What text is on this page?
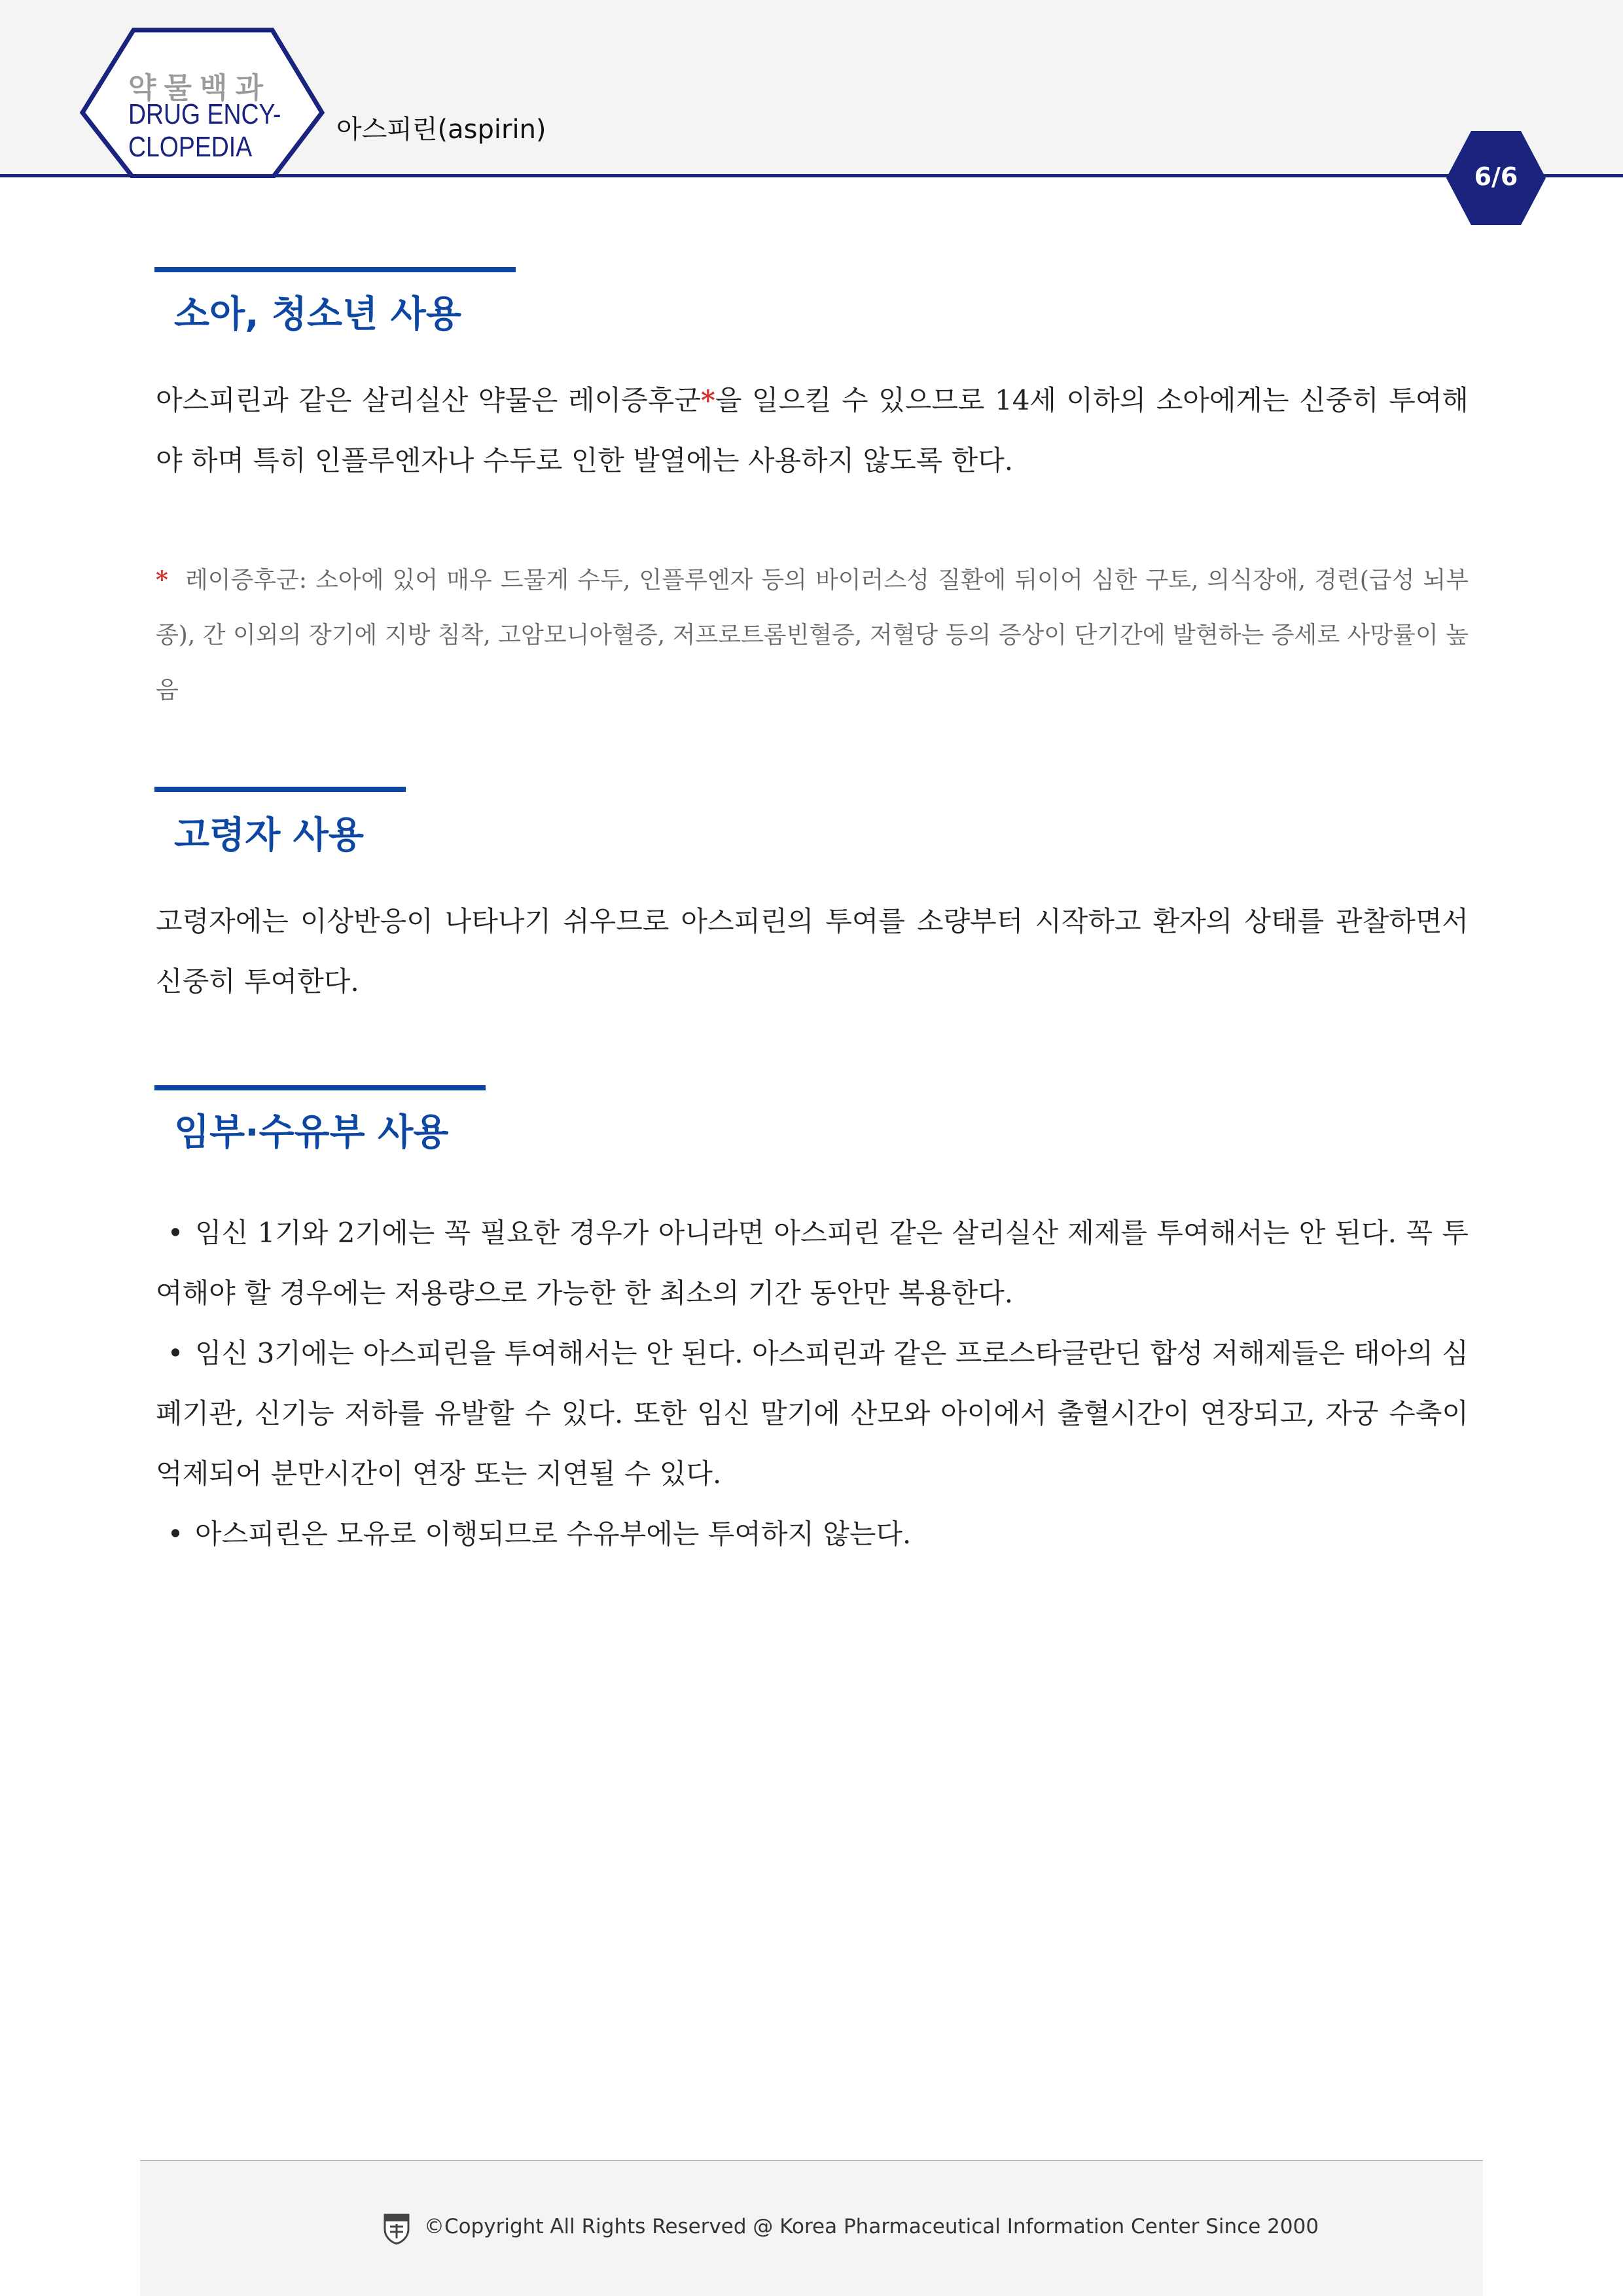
약물백과
DRUG ENCY-
CLOPEDIA
아스피린(aspirin)
6/6
소아, 청소년 사용
아스피린과 같은 살리실산 약물은 레이증후군*을 일으킬 수 있으므로 14세 이하의 소아에게는 신중히 투여해야 하며 특히 인플루엔자나 수두로 인한 발열에는 사용하지 않도록 한다.
* 레이증후군: 소아에 있어 매우 드물게 수두, 인플루엔자 등의 바이러스성 질환에 뒤이어 심한 구토, 의식장애, 경련(급성 뇌부종), 간 이외의 장기에 지방 침착, 고암모니아혈증, 저프로트롬빈혈증, 저혈당 등의 증상이 단기간에 발현하는 증세로 사망률이 높음
고령자 사용
고령자에는 이상반응이 나타나기 쉬우므로 아스피린의 투여를 소량부터 시작하고 환자의 상태를 관찰하면서 신중히 투여한다.
임부·수유부 사용
• 임신 1기와 2기에는 꼭 필요한 경우가 아니라면 아스피린 같은 살리실산 제제를 투여해서는 안 된다. 꼭 투여해야 할 경우에는 저용량으로 가능한 한 최소의 기간 동안만 복용한다.
• 임신 3기에는 아스피린을 투여해서는 안 된다. 아스피린과 같은 프로스타글란딘 합성 저해제들은 태아의 심폐기관, 신기능 저하를 유발할 수 있다. 또한 임신 말기에 산모와 아이에서 출혈시간이 연장되고, 자궁 수축이 억제되어 분만시간이 연장 또는 지연될 수 있다.
• 아스피린은 모유로 이행되므로 수유부에는 투여하지 않는다.
©Copyright All Rights Reserved @ Korea Pharmaceutical Information Center Since 2000
